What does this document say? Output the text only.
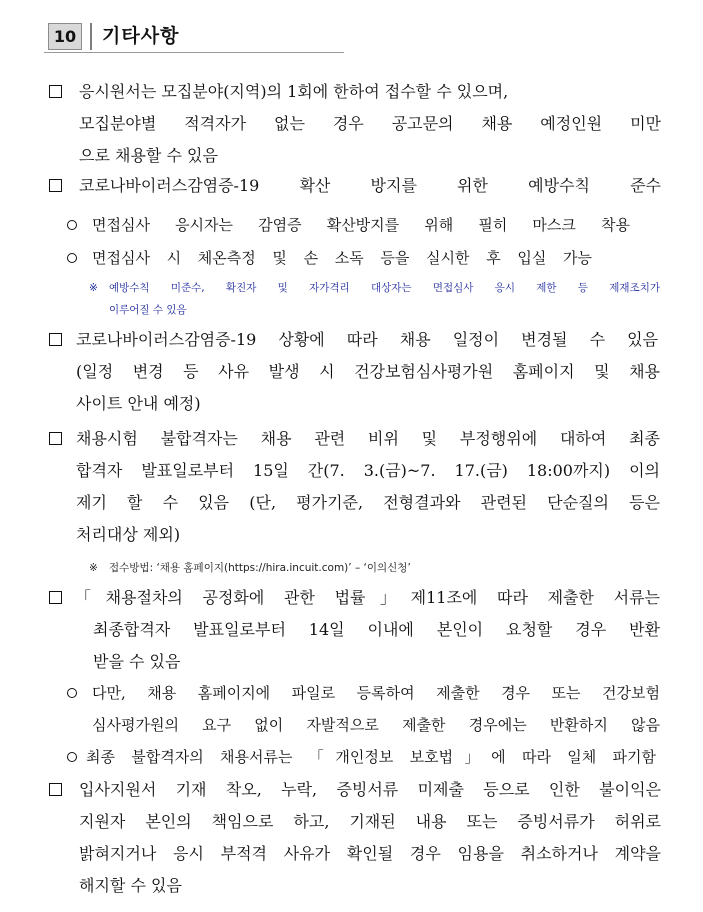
10	기타사항
응시원서는 모집분야(지역)의 1회에 한하여 접수할 수 있으며,
모집분야별 적격자가 없는 경우 공고문의 채용 예정인원 미만
으로 채용할 수 있음
코로나바이러스감염증-19 확산 방지를 위한 예방수칙 준수
면접심사 응시자는 감염증 확산방지를 위해 필히 마스크 착용
면접심사 시 체온측정 및 손 소독 등을 실시한 후 입실 가능
※ 예방수칙 미준수, 확진자 및 자가격리 대상자는 면접심사 응시 제한 등 제재조치가
이루어질 수 있음
코로나바이러스감염증-19 상황에 따라 채용 일정이 변경될 수 있음
(일정 변경 등 사유 발생 시 건강보험심사평가원 홈페이지 및 채용
사이트 안내 예정)
채용시험 불합격자는 채용 관련 비위 및 부정행위에 대하여 최종
합격자 발표일로부터 15일 간(7. 3.(금)~7. 17.(금) 18:00까지) 이의
제기 할 수 있음 (단, 평가기준, 전형결과와 관련된 단순질의 등은
처리대상 제외)
※ 접수방법: ‘채용 홈페이지(https://hira.incuit.com)’ – ‘이의신청’
「채용절차의 공정화에 관한 법률」제11조에 따라 제출한 서류는
최종합격자 발표일로부터 14일 이내에 본인이 요청할 경우 반환
받을 수 있음
다만, 채용 홈페이지에 파일로 등록하여 제출한 경우 또는 건강보험
심사평가원의 요구 없이 자발적으로 제출한 경우에는 반환하지 않음
최종 불합격자의 채용서류는 「개인정보 보호법」에 따라 일체 파기함
입사지원서 기재 착오, 누락, 증빙서류 미제출 등으로 인한 불이익은
지원자 본인의 책임으로 하고, 기재된 내용 또는 증빙서류가 허위로
밝혀지거나 응시 부적격 사유가 확인될 경우 임용을 취소하거나 계약을
해지할 수 있음
